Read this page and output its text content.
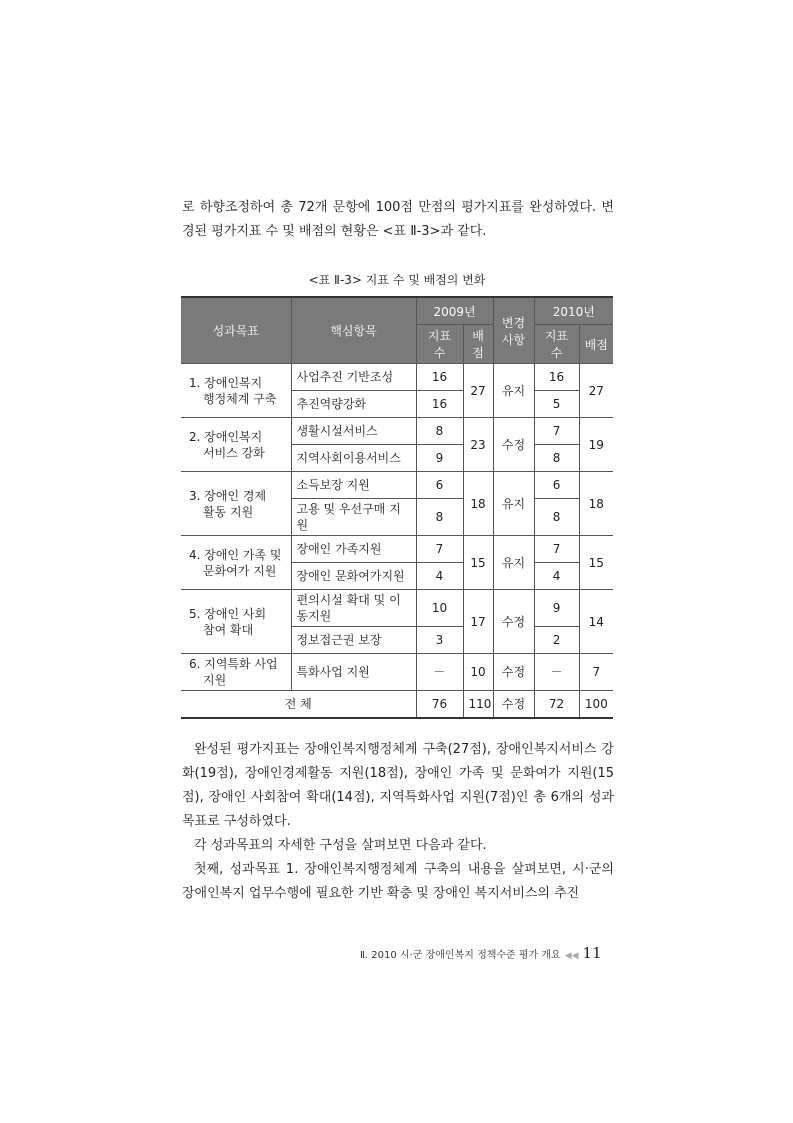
로 하향조정하여 총 72개 문항에 100점 만점의 평가지표를 완성하였다. 변경된 평가지표 수 및 배점의 현황은 <표 Ⅱ-3>과 같다.
<표 Ⅱ-3> 지표 수 및 배점의 변화
성과목표	핵심항목	2009년		변경 사항	2010년	
		지표 수	배점		지표 수	배점
1. 장애인복지
행정체계 구축	사업추진 기반조성	16	27	유지	16	27
	추진역량강화	16			5	
2. 장애인복지
서비스 강화	생활시설서비스	8	23	수정	7	19
	지역사회이용서비스	9			8	
3. 장애인 경제
활동 지원	소득보장 지원	6	18	유지	6	18
	고용 및 우선구매 지원	8			8	
4. 장애인 가족 및
문화여가 지원	장애인 가족지원	7	15	유지	7	15
	장애인 문화여가지원	4			4	
5. 장애인 사회
참여 확대	편의시설 확대 및 이동지원	10	17	수정	9	14
	정보접근권 보장	3			2	
6. 지역특화 사업
지원	특화사업 지원	－	10	수정	－	7
전 체		76	110	수정	72	100

완성된 평가지표는 장애인복지행정체계 구축(27점), 장애인복지서비스 강화(19점), 장애인경제활동 지원(18점), 장애인 가족 및 문화여가 지원(15점), 장애인 사회참여 확대(14점), 지역특화사업 지원(7점)인 총 6개의 성과목표로 구성하였다.

각 성과목표의 자세한 구성을 살펴보면 다음과 같다.

첫째, 성과목표 1. 장애인복지행정체계 구축의 내용을 살펴보면, 시·군의 장애인복지 업무수행에 필요한 기반 확충 및 장애인 복지서비스의 추진

Ⅱ. 2010 시·군 장애인복지 정책수준 평가 개요 ◀◀ 11
